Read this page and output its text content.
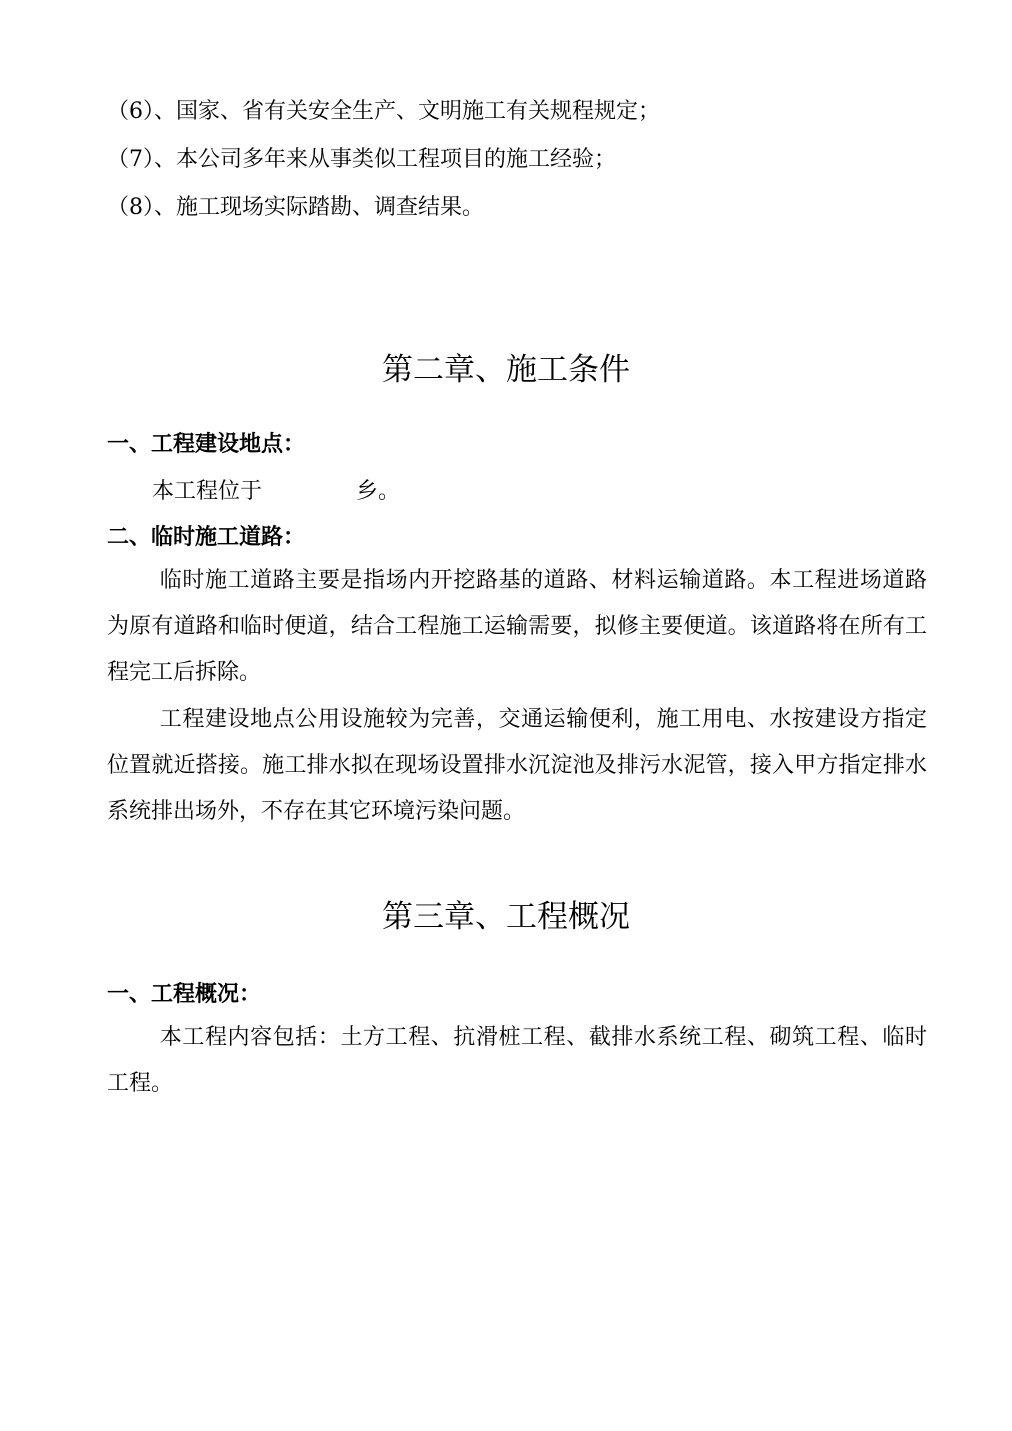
（6）、国家、省有关安全生产、文明施工有关规程规定；
（7）、本公司多年来从事类似工程项目的施工经验；
（8）、施工现场实际踏勘、调查结果。
第二章、施工条件
一、工程建设地点：
本工程位于	乡。
二、临时施工道路：

临时施工道路主要是指场内开挖路基的道路、材料运输道路。本工程进场道路为原有道路和临时便道，结合工程施工运输需要，拟修主要便道。该道路将在所有工程完工后拆除。

工程建设地点公用设施较为完善，交通运输便利，施工用电、水按建设方指定位置就近搭接。施工排水拟在现场设置排水沉淀池及排污水泥管，接入甲方指定排水系统排出场外，不存在其它环境污染问题。

第三章、工程概况
一、工程概况：

本工程内容包括：土方工程、抗滑桩工程、截排水系统工程、砌筑工程、临时工程。
